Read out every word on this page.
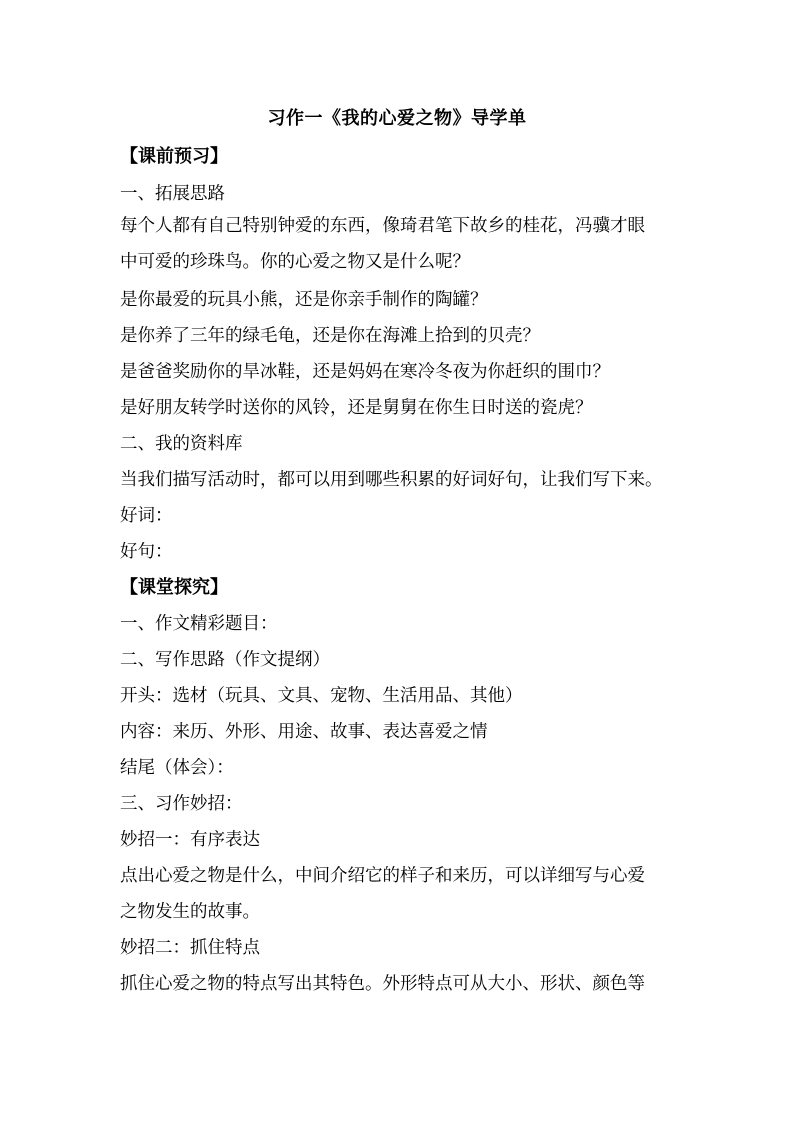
习作一《我的心爱之物》导学单
【课前预习】
一、拓展思路
每个人都有自己特别钟爱的东西，像琦君笔下故乡的桂花，冯骥才眼
中可爱的珍珠鸟。你的心爱之物又是什么呢？
是你最爱的玩具小熊，还是你亲手制作的陶罐？
是你养了三年的绿毛龟，还是你在海滩上拾到的贝壳？
是爸爸奖励你的旱冰鞋，还是妈妈在寒冷冬夜为你赶织的围巾？
是好朋友转学时送你的风铃，还是舅舅在你生日时送的瓷虎？
二、我的资料库
当我们描写活动时，都可以用到哪些积累的好词好句，让我们写下来。
好词：
好句：
【课堂探究】
一、作文精彩题目：
二、写作思路（作文提纲）
开头：选材（玩具、文具、宠物、生活用品、其他）
内容：来历、外形、用途、故事、表达喜爱之情
结尾（体会）：
三、习作妙招：
妙招一：有序表达
点出心爱之物是什么，中间介绍它的样子和来历，可以详细写与心爱
之物发生的故事。
妙招二：抓住特点
抓住心爱之物的特点写出其特色。外形特点可从大小、形状、颜色等
